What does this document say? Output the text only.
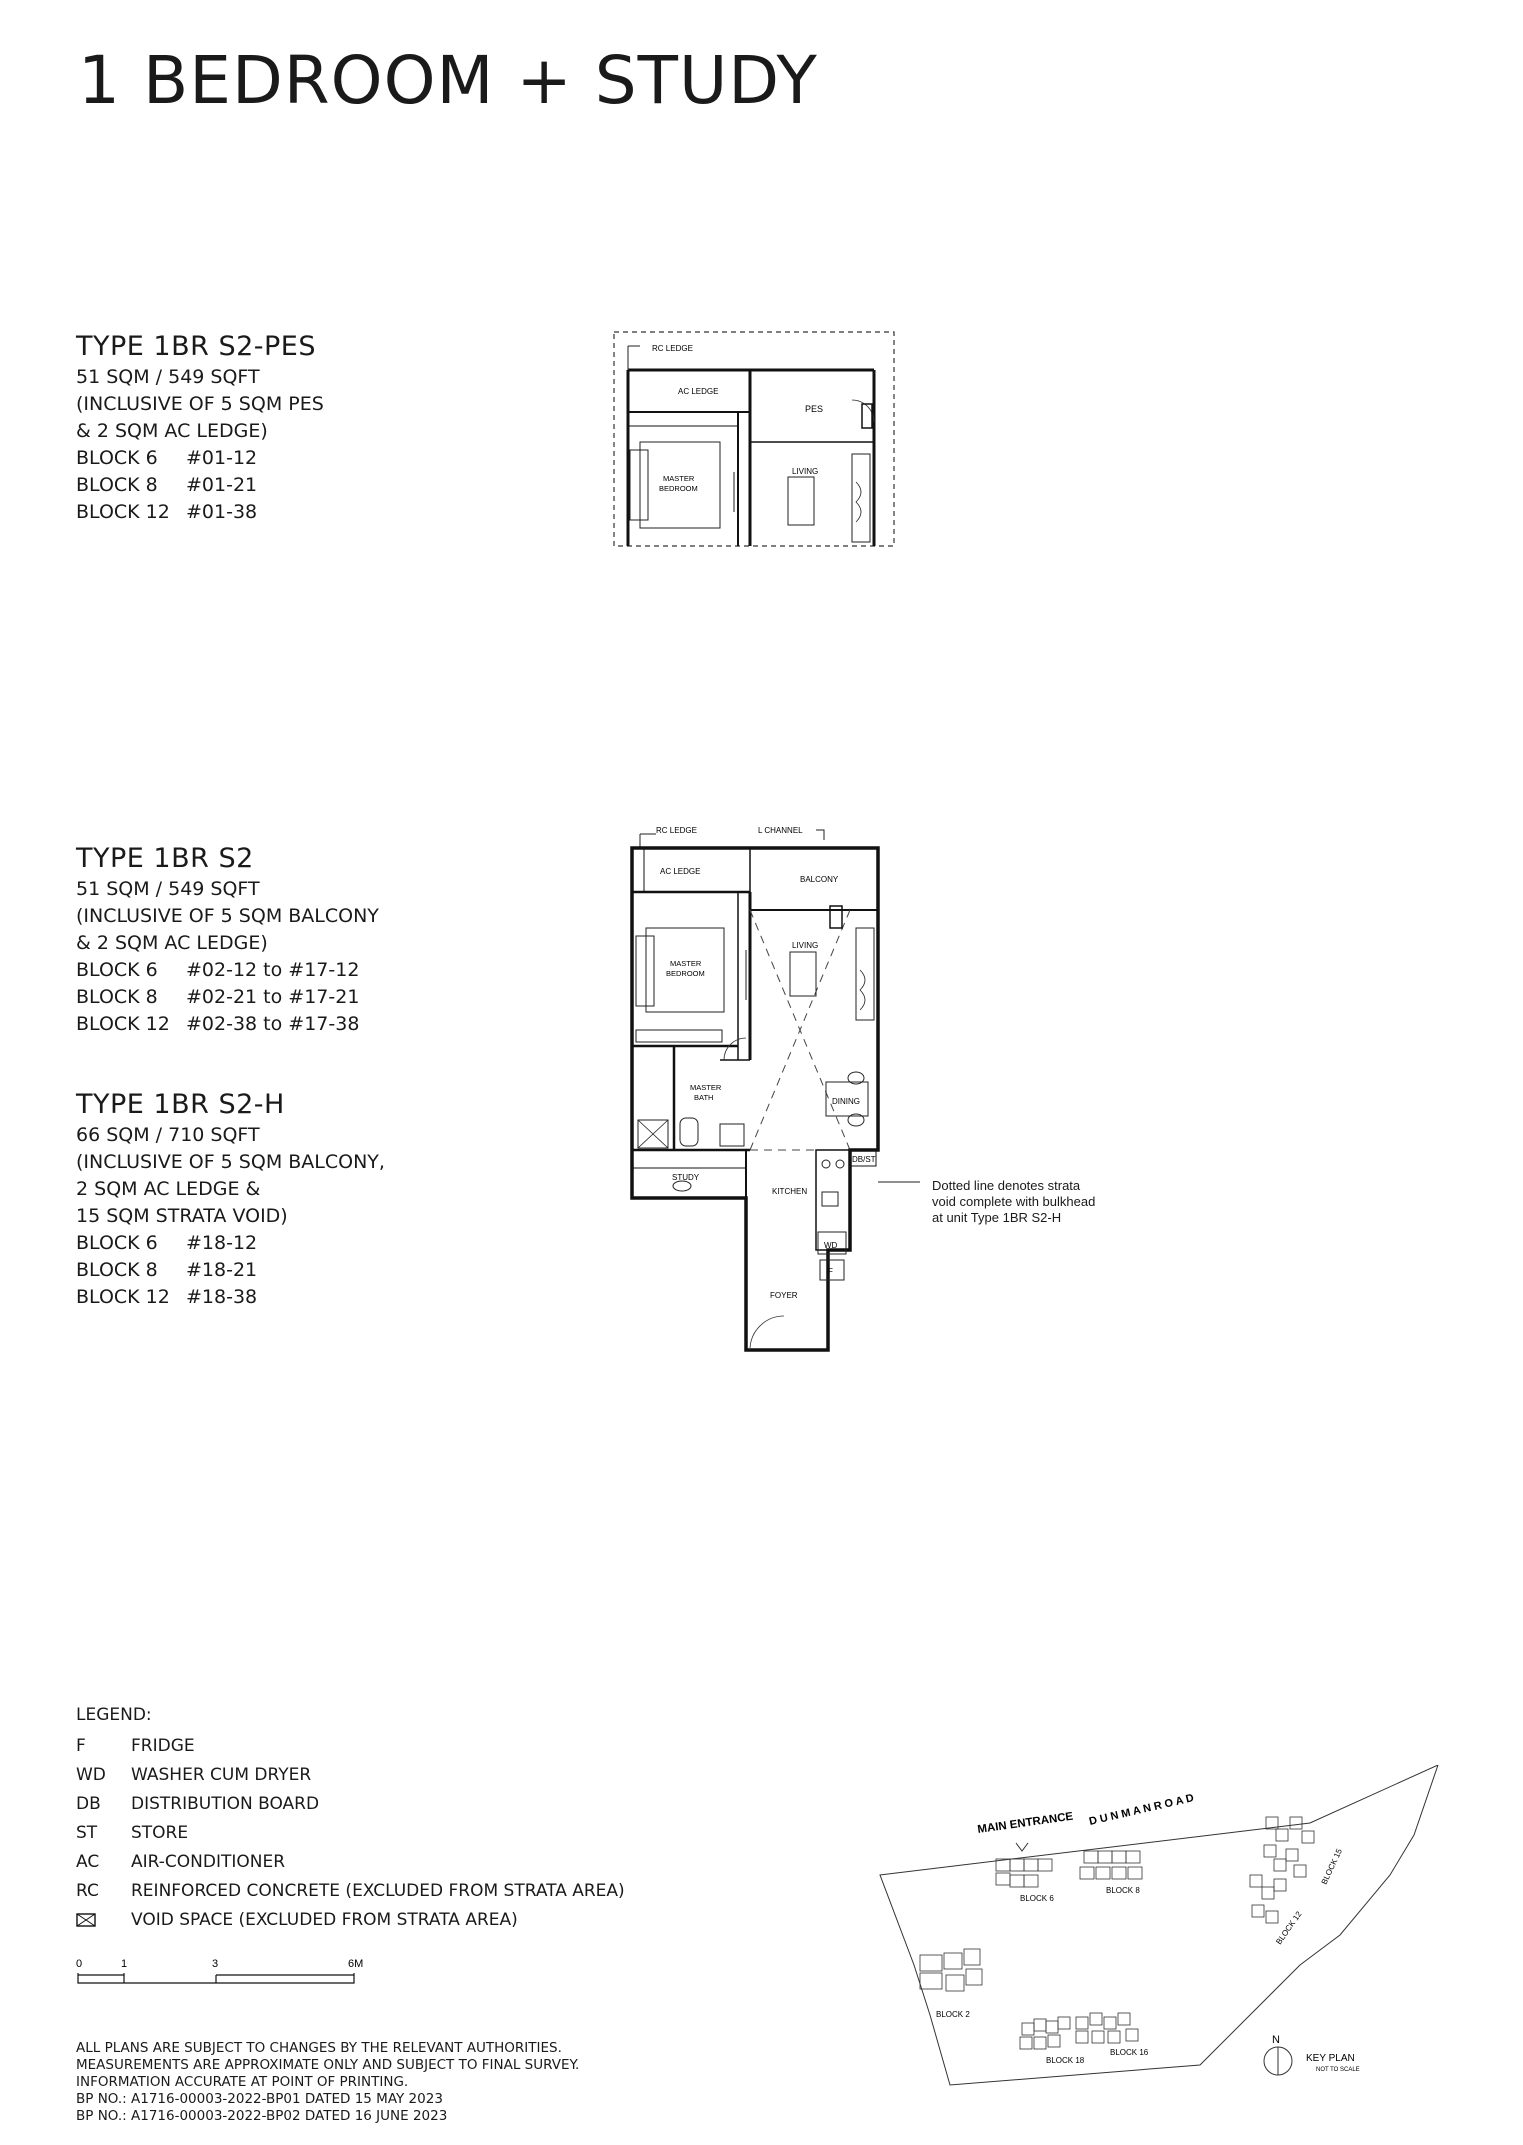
1 BEDROOM + STUDY
TYPE 1BR S2-PES
51 SQM / 549 SQFT
(INCLUSIVE OF 5 SQM PES
& 2 SQM AC LEDGE)
BLOCK 6	#01-12
BLOCK 8	#01-21
BLOCK 12 #01-38
TYPE 1BR S2
51 SQM / 549 SQFT
(INCLUSIVE OF 5 SQM BALCONY
& 2 SQM AC LEDGE)
BLOCK 6	#02-12 to #17-12
BLOCK 8	#02-21 to #17-21
BLOCK 12 #02-38 to #17-38
TYPE 1BR S2-H
66 SQM / 710 SQFT
(INCLUSIVE OF 5 SQM BALCONY,
2 SQM AC LEDGE &
15 SQM STRATA VOID)
BLOCK 6	#18-12
BLOCK 8	#18-21
BLOCK 12 #18-38
RC LEDGE
AC LEDGE
PES
MASTER
BEDROOM
LIVING
RC LEDGE	L CHANNEL
MASTER
BATH
AC LEDGE
BALCONY
MASTER
BEDROOM
LIVING
DINING
STUDY
KITCHEN
DB/ST
WD
F
FOYER
Dotted line denotes strata
void complete with bulkhead
at unit Type 1BR S2-H
LEGEND:
F	FRIDGE
WD	WASHER CUM DRYER
DB	DISTRIBUTION BOARD
ST	STORE
AC	AIR-CONDITIONER
RC	REINFORCED CONCRETE (EXCLUDED FROM STRATA AREA)
VOID SPACE (EXCLUDED FROM STRATA AREA)
0	1	3	6M
ALL PLANS ARE SUBJECT TO CHANGES BY THE RELEVANT AUTHORITIES.
MEASUREMENTS ARE APPROXIMATE ONLY AND SUBJECT TO FINAL SURVEY.
INFORMATION ACCURATE AT POINT OF PRINTING.
BP NO.: A1716-00003-2022-BP01 DATED 15 MAY 2023
BP NO.: A1716-00003-2022-BP02 DATED 16 JUNE 2023
MAIN ENTRANCE D U N M A N R O A D
BLOCK 6
BLOCK 8
BLOCK 12
BLOCK 15
BLOCK 2
BLOCK 18
BLOCK 16
N
KEY PLAN
NOT TO SCALE
